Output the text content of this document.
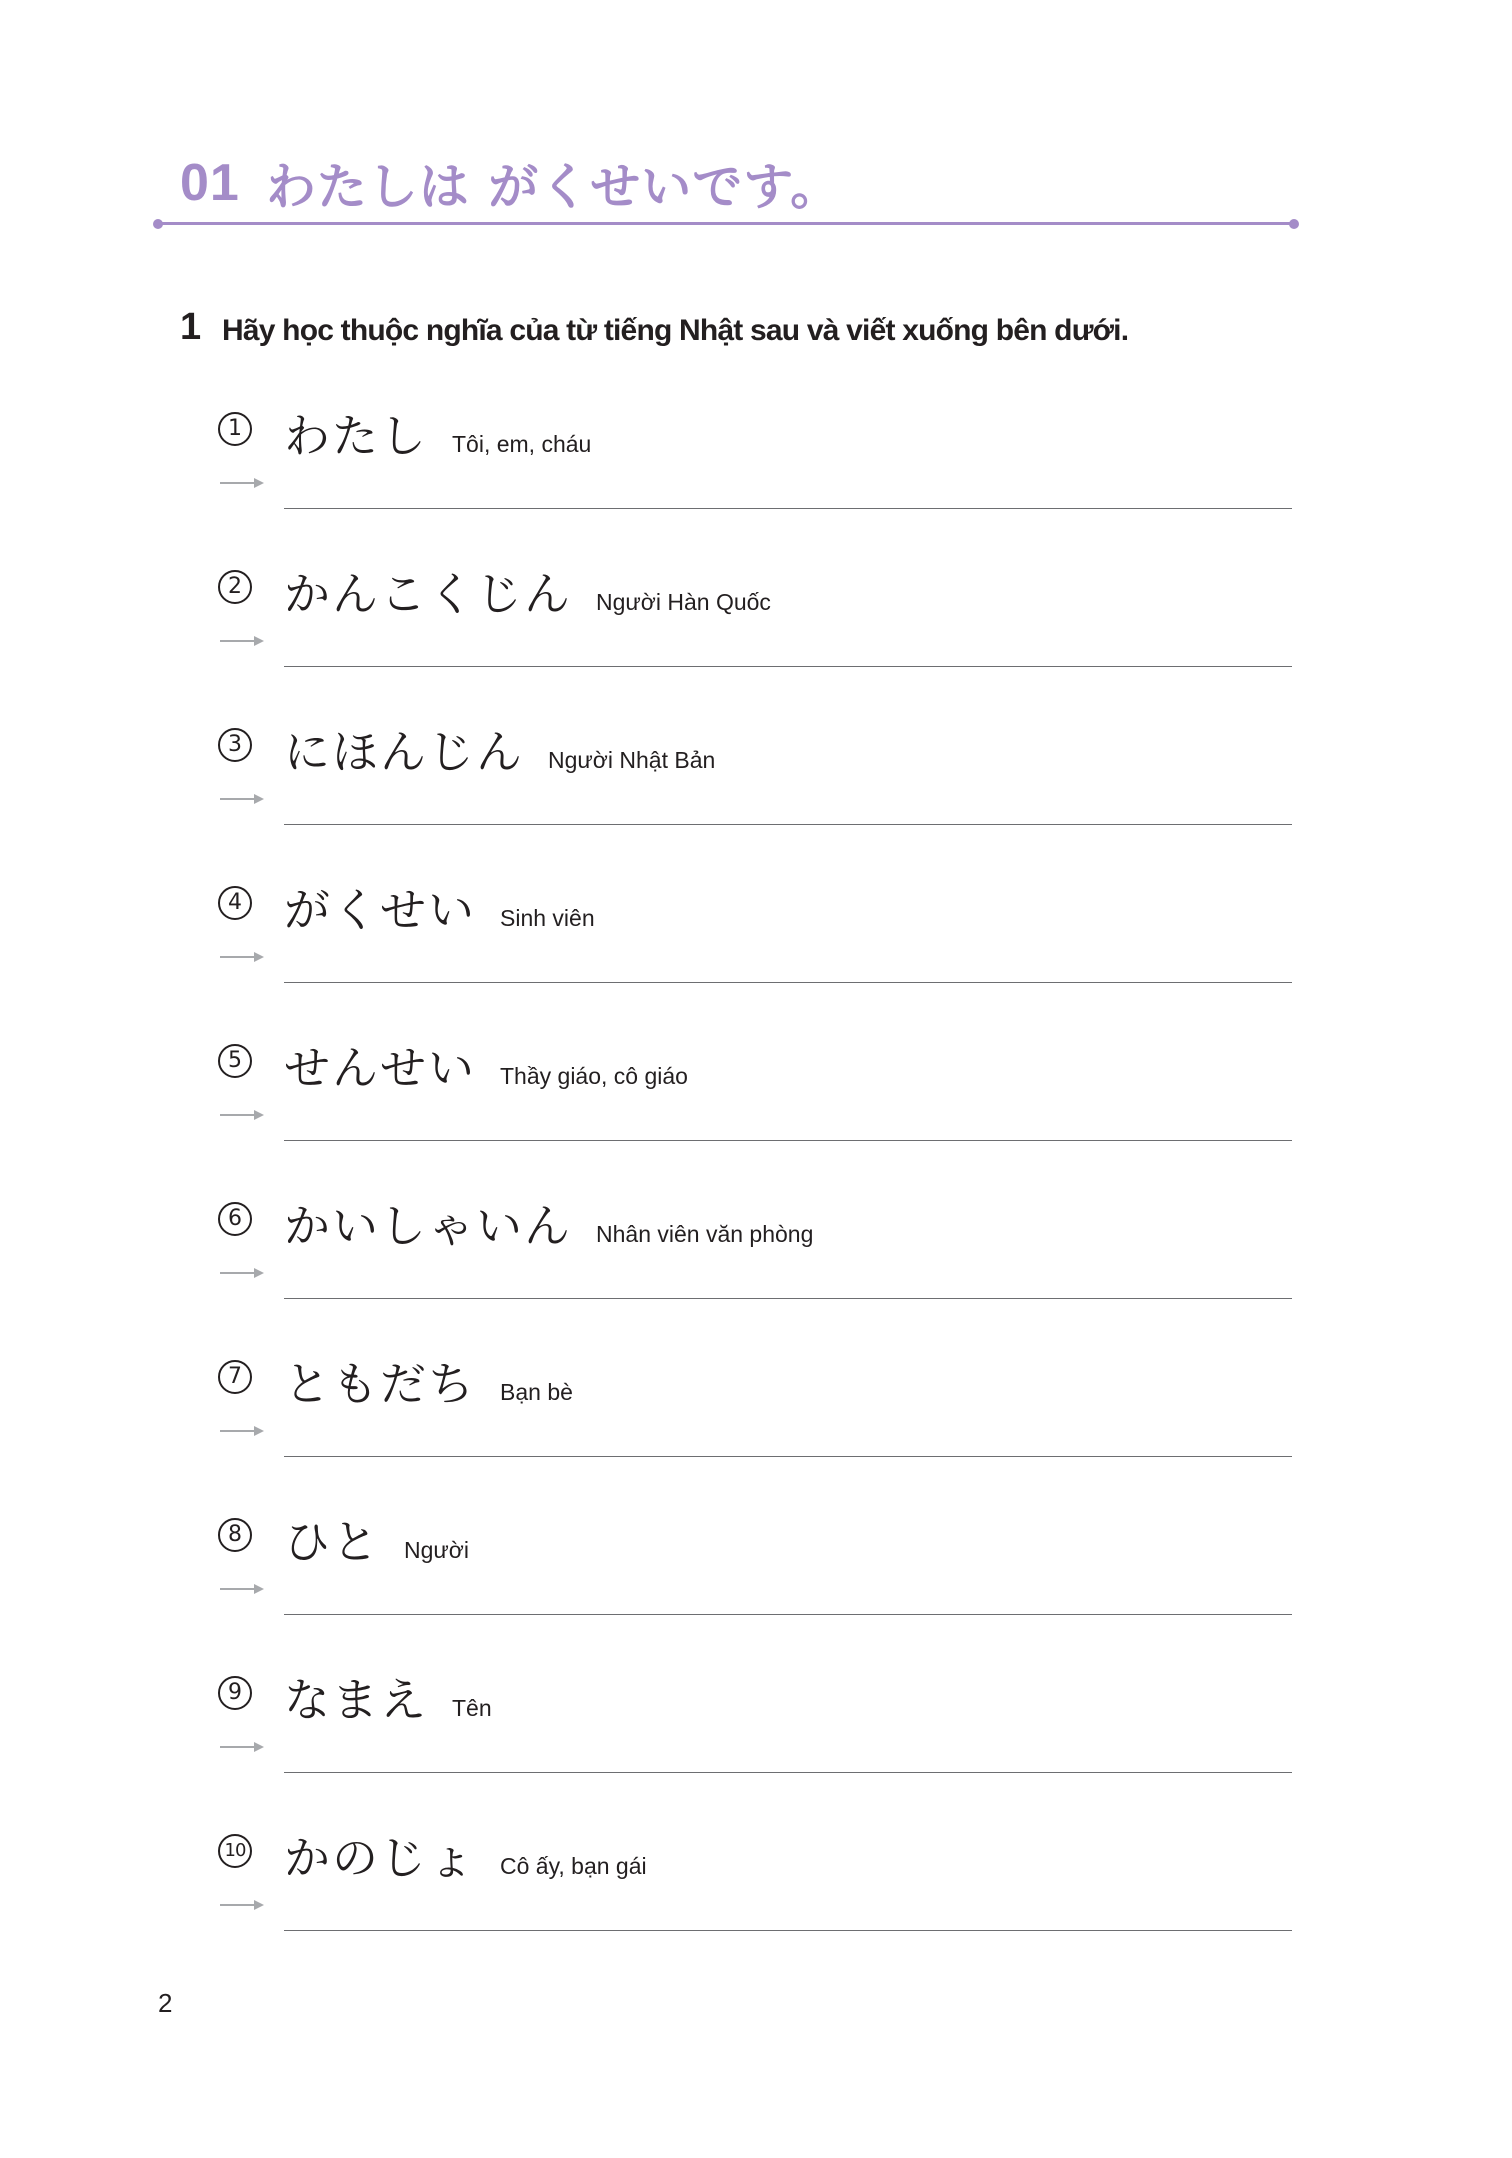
01 わたしは がくせいです。
1 Hãy học thuộc nghĩa của từ tiếng Nhật sau và viết xuống bên dưới.
1 わたし Tôi, em, cháu
2 かんこくじん Người Hàn Quốc
3 にほんじん Người Nhật Bản
4 がくせい Sinh viên
5 せんせい Thầy giáo, cô giáo
6 かいしゃいん Nhân viên văn phòng
7 ともだち Bạn bè
8 ひと Người
9 なまえ Tên
10 かのじょ Cô ấy, bạn gái
2
